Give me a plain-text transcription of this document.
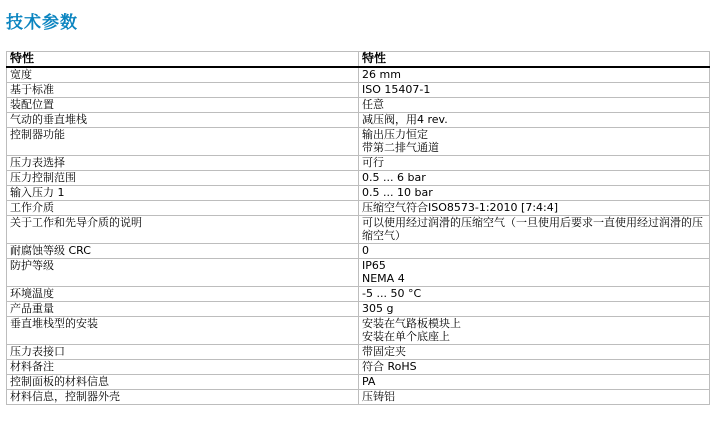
技术参数
特性	特性
宽度	26 mm
基于标准	ISO 15407-1
装配位置	任意
气动的垂直堆栈	减压阀，用4 rev.
控制器功能	输出压力恒定
带第二排气通道
压力表选择	可行
压力控制范围	0.5 ... 6 bar
输入压力 1	0.5 ... 10 bar
工作介质	压缩空气符合ISO8573-1:2010 [7:4:4]
关于工作和先导介质的说明	可以使用经过润滑的压缩空气（一旦使用后要求一直使用经过润滑的压缩空气）
耐腐蚀等级 CRC	0
防护等级	IP65
NEMA 4
环境温度	-5 ... 50 °C
产品重量	305 g
垂直堆栈型的安装	安装在气路板模块上
安装在单个底座上
压力表接口	带固定夹
材料备注	符合 RoHS
控制面板的材料信息	PA
材料信息，控制器外壳	压铸铝
